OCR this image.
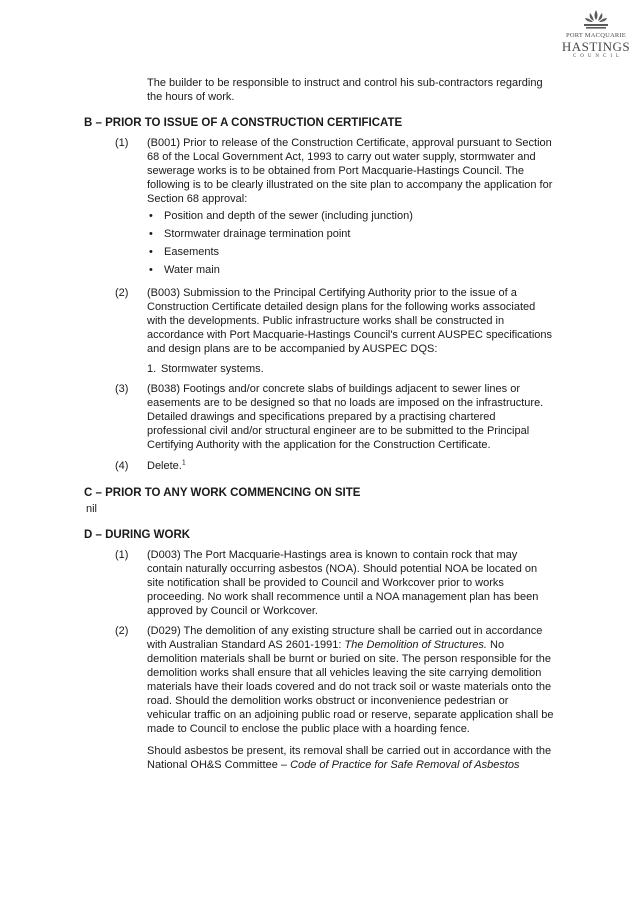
PORT MACQUARIE
HASTINGS
COUNCIL

The builder to be responsible to instruct and control his sub-contractors regarding the hours of work.

B – PRIOR TO ISSUE OF A CONSTRUCTION CERTIFICATE
(1)	(B001) Prior to release of the Construction Certificate, approval pursuant to Section 68 of the Local Government Act, 1993 to carry out water supply, stormwater and sewerage works is to be obtained from Port Macquarie-Hastings Council. The following is to be clearly illustrated on the site plan to accompany the application for Section 68 approval:
• Position and depth of the sewer (including junction)
• Stormwater drainage termination point
• Easements
• Water main
(2)	(B003) Submission to the Principal Certifying Authority prior to the issue of a Construction Certificate detailed design plans for the following works associated with the developments. Public infrastructure works shall be constructed in accordance with Port Macquarie-Hastings Council's current AUSPEC specifications and design plans are to be accompanied by AUSPEC DQS:
1. Stormwater systems.
(3)	(B038) Footings and/or concrete slabs of buildings adjacent to sewer lines or easements are to be designed so that no loads are imposed on the infrastructure. Detailed drawings and specifications prepared by a practising chartered professional civil and/or structural engineer are to be submitted to the Principal Certifying Authority with the application for the Construction Certificate.
(4)	Delete.$^1$
C – PRIOR TO ANY WORK COMMENCING ON SITE

nil

D – DURING WORK
(1)	(D003) The Port Macquarie-Hastings area is known to contain rock that may contain naturally occurring asbestos (NOA). Should potential NOA be located on site notification shall be provided to Council and Workcover prior to works proceeding. No work shall recommence until a NOA management plan has been approved by Council or Workcover.
(2)	(D029) The demolition of any existing structure shall be carried out in accordance with Australian Standard AS 2601-1991: The Demolition of Structures. No demolition materials shall be burnt or buried on site. The person responsible for the demolition works shall ensure that all vehicles leaving the site carrying demolition materials have their loads covered and do not track soil or waste materials onto the road. Should the demolition works obstruct or inconvenience pedestrian or vehicular traffic on an adjoining public road or reserve, separate application shall be made to Council to enclose the public place with a hoarding fence.
Should asbestos be present, its removal shall be carried out in accordance with the National OH&S Committee – Code of Practice for Safe Removal of Asbestos
